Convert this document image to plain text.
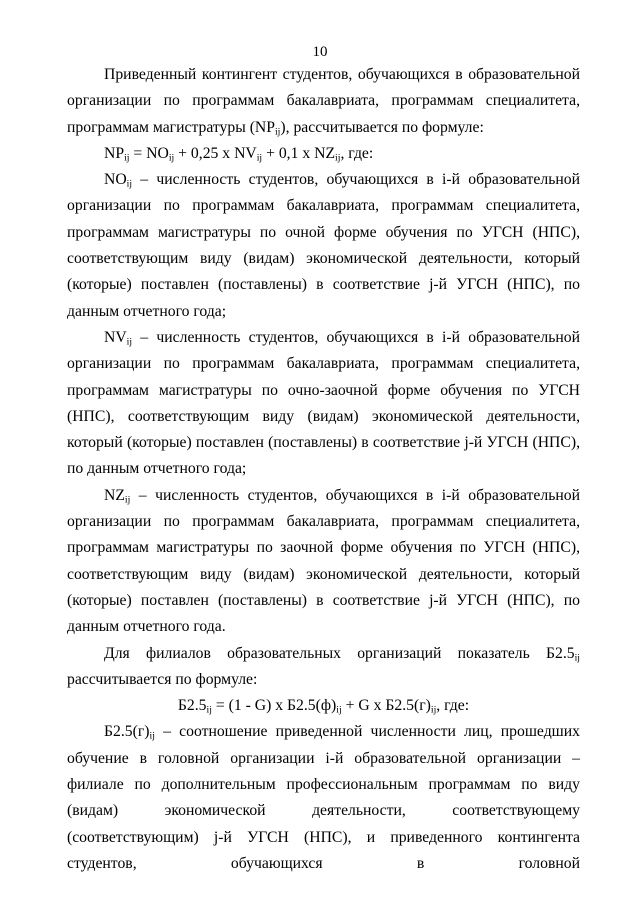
10

Приведенный контингент студентов, обучающихся в образовательной организации по программам бакалавриата, программам специалитета, программам магистратуры $(NP_{ij})$, рассчитывается по формуле:

$NP_{ij} = NO_{ij} + 0,25$ x $NV_{ij} + 0,1$ x $NZ_{ij}$, где:

$NO_{ij}$ – численность студентов, обучающихся в i-й образовательной организации по программам бакалавриата, программам специалитета, программам магистратуры по очной форме обучения по УГСН (НПС), соответствующим виду (видам) экономической деятельности, который (которые) поставлен (поставлены) в соответствие j-й УГСН (НПС), по данным отчетного года;

$NV_{ij}$ – численность студентов, обучающихся в i-й образовательной организации по программам бакалавриата, программам специалитета, программам магистратуры по очно-заочной форме обучения по УГСН (НПС), соответствующим виду (видам) экономической деятельности, который (которые) поставлен (поставлены) в соответствие j-й УГСН (НПС), по данным отчетного года;

$NZ_{ij}$ – численность студентов, обучающихся в i-й образовательной организации по программам бакалавриата, программам специалитета, программам магистратуры по заочной форме обучения по УГСН (НПС), соответствующим виду (видам) экономической деятельности, который (которые) поставлен (поставлены) в соответствие j-й УГСН (НПС), по данным отчетного года.

Для филиалов образовательных организаций показатель $Б2.5_{ij}$ рассчитывается по формуле:

$Б2.5_{ij} = (1 - G)$ x $Б2.5(ф)_{ij} + G$ x $Б2.5(г)_{ij}$, где:

$Б2.5(г)_{ij}$ – соотношение приведенной численности лиц, прошедших обучение в головной организации i-й образовательной организации – филиале по дополнительным профессиональным программам по виду (видам) экономической деятельности, соответствующему (соответствующим) j-й УГСН (НПС), и приведенного контингента студентов, обучающихся в головной
